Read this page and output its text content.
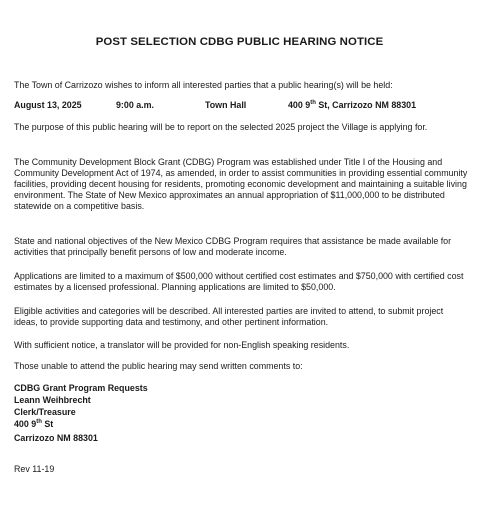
POST SELECTION CDBG PUBLIC HEARING NOTICE
The Town of Carrizozo wishes to inform all interested parties that a public hearing(s) will be held:
August 13, 2025	9:00 a.m.	Town Hall	400 9th St, Carrizozo NM 88301
The purpose of this public hearing will be to report on the selected 2025 project the Village is applying for.
The Community Development Block Grant (CDBG) Program was established under Title I of the Housing and Community Development Act of 1974, as amended, in order to assist communities in providing essential community facilities, providing decent housing for residents, promoting economic development and maintaining a suitable living environment. The State of New Mexico approximates an annual appropriation of $11,000,000 to be distributed statewide on a competitive basis.
State and national objectives of the New Mexico CDBG Program requires that assistance be made available for activities that principally benefit persons of low and moderate income.
Applications are limited to a maximum of $500,000 without certified cost estimates and $750,000 with certified cost estimates by a licensed professional. Planning applications are limited to $50,000.
Eligible activities and categories will be described. All interested parties are invited to attend, to submit project ideas, to provide supporting data and testimony, and other pertinent information.
With sufficient notice, a translator will be provided for non-English speaking residents.
Those unable to attend the public hearing may send written comments to:
CDBG Grant Program Requests
Leann Weihbrecht
Clerk/Treasure
400 9th St
Carrizozo NM 88301
Rev 11-19
